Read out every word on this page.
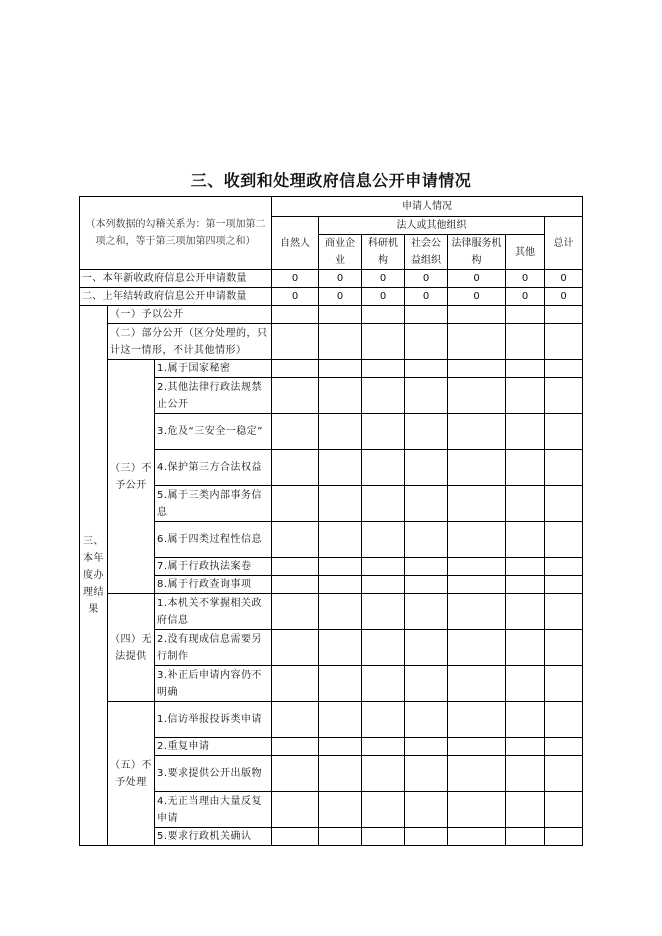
三、收到和处理政府信息公开申请情况
（本列数据的勾稽关系为：第一项加第二项之和，等于第三项加第四项之和）			申请人情况						
			自然人	法人或其他组织					总计
				商业企业	科研机构	社会公益组织	法律服务机构	其他	
一、本年新收政府信息公开申请数量			0	0	0	0	0	0	0
二、上年结转政府信息公开申请数量			0	0	0	0	0	0	0
三、本年度办理结果	（一）予以公开								
	（二）部分公开（区分处理的，只计这一情形，不计其他情形）								
	（三）不予公开	1.属于国家秘密							
		2.其他法律行政法规禁止公开							
		3.危及“三安全一稳定”							
		4.保护第三方合法权益							
		5.属于三类内部事务信息							
		6.属于四类过程性信息							
		7.属于行政执法案卷							
		8.属于行政查询事项							
	（四）无法提供	1.本机关不掌握相关政府信息							
		2.没有现成信息需要另行制作							
		3.补正后申请内容仍不明确							
	（五）不予处理	1.信访举报投诉类申请							
		2.重复申请							
		3.要求提供公开出版物							
		4.无正当理由大量反复申请							
		5.要求行政机关确认							
